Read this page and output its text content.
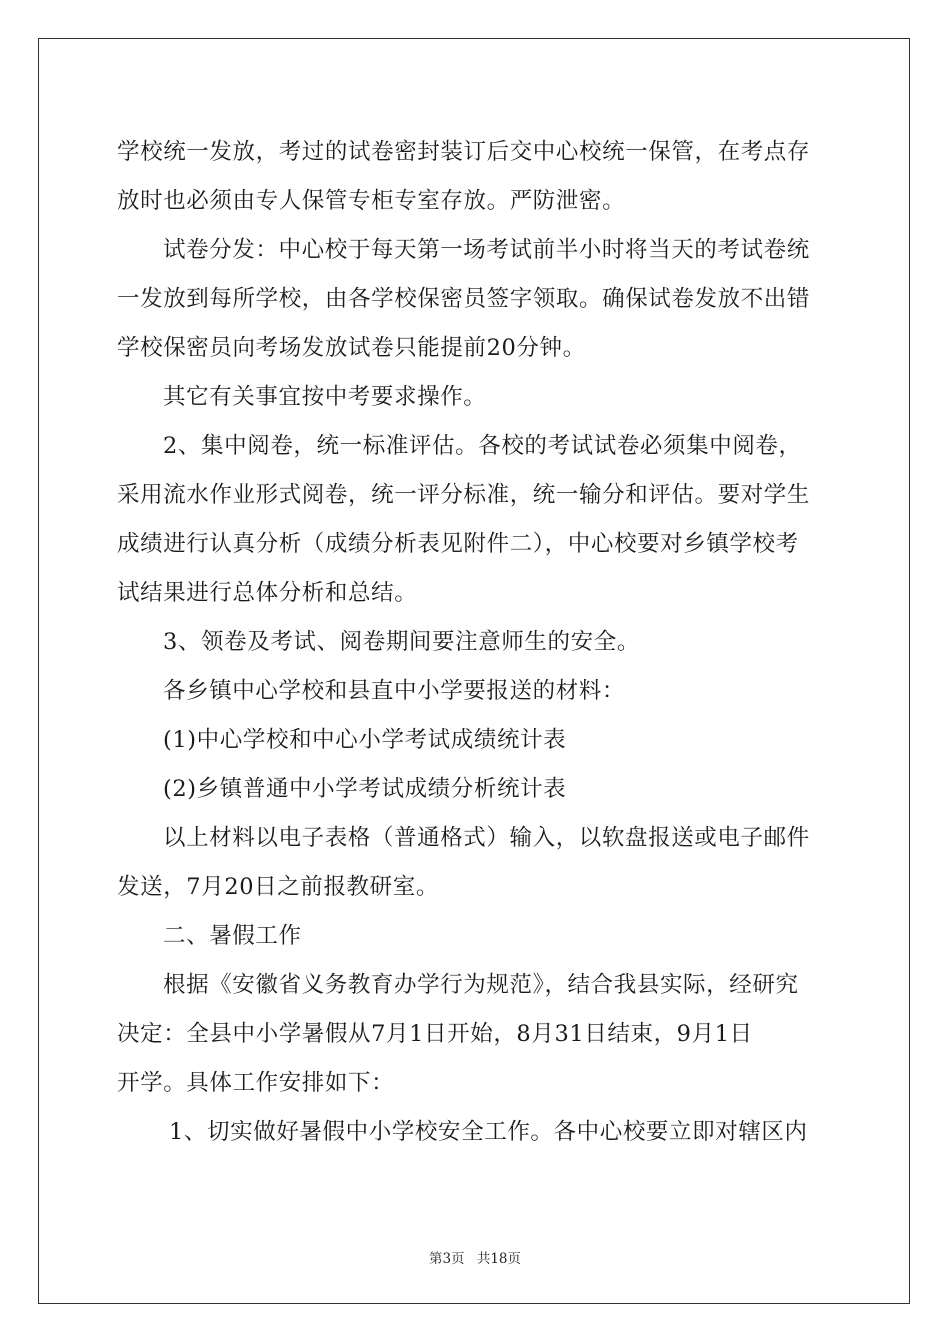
学校统一发放，考过的试卷密封装订后交中心校统一保管，在考点存
放时也必须由专人保管专柜专室存放。严防泄密。

试卷分发：中心校于每天第一场考试前半小时将当天的考试卷统
一发放到每所学校，由各学校保密员签字领取。确保试卷发放不出错
学校保密员向考场发放试卷只能提前20分钟。

其它有关事宜按中考要求操作。

2、集中阅卷，统一标准评估。各校的考试试卷必须集中阅卷，
采用流水作业形式阅卷，统一评分标准，统一输分和评估。要对学生
成绩进行认真分析（成绩分析表见附件二），中心校要对乡镇学校考
试结果进行总体分析和总结。

3、领卷及考试、阅卷期间要注意师生的安全。

各乡镇中心学校和县直中小学要报送的材料：

(1)中心学校和中心小学考试成绩统计表

(2)乡镇普通中小学考试成绩分析统计表

以上材料以电子表格（普通格式）输入，以软盘报送或电子邮件
发送，7月20日之前报教研室。

二、暑假工作

根据《安徽省义务教育办学行为规范》，结合我县实际，经研究
决定：全县中小学暑假从7月1日开始，8月31日结束，9月1日
开学。具体工作安排如下：

1、切实做好暑假中小学校安全工作。各中心校要立即对辖区内

第3页 共18页
